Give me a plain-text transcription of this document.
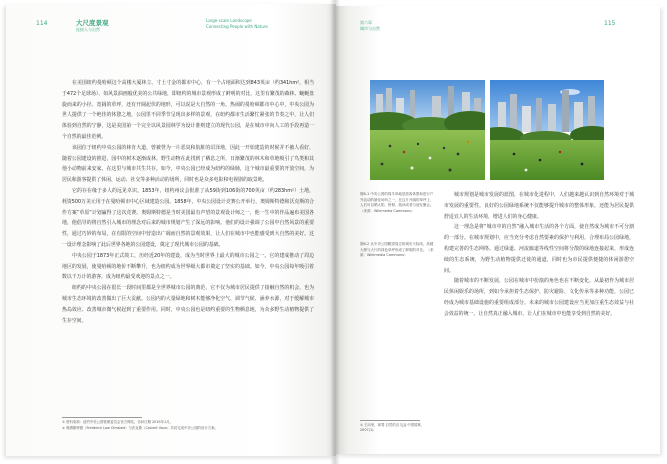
114	大尺度景观
连接人与自然
Large-scale Landscape
Connecting People with Nature

在美国纽约曼哈顿这个高楼大厦林立、寸土寸金的都市中心，有一个占地面积达到843英亩（约341hm²，相当于472个足球场）、如风景油画般优美的公共绿地，即纽约的城市景观形成了鲜明的对比，这里有繁茂的森林、蜿蜒盘旋而来的小径、宽阔的草坪，还有开阔起伏的地形，可以说是大自然的一角。热闹的曼哈顿都市中心中，中央公园为世人提供了一个绝佳的休憩之地，公园里不同季节呈现出多样的景观，在纽约都市生活繁忙紧张的节奏之中，让人们体验到自然的宁静，这是美国第一个完全以风景园林学为设计准则建立的现代公园，是在城市中向人工的手段再造一个自然的最佳范例。

该园位于纽约中央公园的林肯大道，曾被誉为一片恶臭和肮脏的沼泽地，因此一开始建造的时候并不被人看好，随着公园建设的推进，园中的树木逐渐成林。野生动物在此找到了栖息之所，日渐繁茂的林木和草地吸引了鸟类和其他小动物前来安家，在这里与城市共生共存。如今，中央公园已经成为纽约的绿肺，这个城市最重要的开放空间，为居民和游客提供了休闲、运动、社交等多种活动的场所，同时也是众多电影和电视剧的取景地。

它的存在缘于多人的远见卓识。1853年，纽约州议会批准了从59街到106街的700英亩（约283hm²）土地，耗资500万美元用于在曼哈顿市中心区域建造公园。1858年，中央公园设计竞赛公开举行，奥姆斯特德和沃克斯的合作方案“草原”计划赢得了这次竞赛。奥姆斯特德是当时美国最有声望的景观设计师之一，他一生中的作品遍布美国各地，他倡导的将自然引入城市的理念对后来的城市规划产生了深远的影响。他们的设计强调了公园中自然风景的重要性，通过巧妙的布局，在有限的空间中营造出广阔而自然的景观效果，让人们在城市中也能感受到大自然的美好。这一设计理念影响了此后世界各地的公园建设，奠定了现代城市公园的基础。

中央公园于1873年正式竣工，历经近20年的建设，成为当时世界上最大的城市公园之一。它的建成推动了周边地区的发展，使曼哈顿的地价不断攀升，也为纽约成为世界级大都市奠定了坚实的基础。如今，中央公园每年吸引着数以千万计的游客，成为纽约最受欢迎的景点之一。

纽约的中央公园在很长一段时间里都是全世界城市公园的典范，它不仅为城市居民提供了接触自然的机会，也为城市生态环境的改善做出了巨大贡献。公园内的大量绿地和树木能够净化空气、调节气候、涵养水源，对于缓解城市热岛效应、改善城市微气候起到了重要作用。同时，中央公园也是纽约重要的生物栖息地，为众多野生动植物提供了生存空间。

① 资料来源：纽约中央公园管理委员会官方网站，访问日期 2019年1月。
② 奥姆斯特德（Frederick Law Olmsted）与沃克斯（Calvert Vaux）共同完成中央公园的设计方案。
第六章
城市与自然
115
图6-1 中央公园的绵羊草地是游客休憩和进行户外活动的最佳场所之一，在这片开阔的草坪上，人们可以晒太阳、野餐、阅读或者与朋友聚会。（来源：Wikimedia Commons）
图6-2 从中央公园眺望周边的城市天际线，高楼大厦与大片的绿色草坪形成了鲜明的对比。（来源：Wikimedia Commons）

城市规划是城市发展的蓝图，在城市化进程中，人们越来越认识到自然环境对于城市发展的重要性。良好的公园绿地系统不仅能够提升城市的整体形象，还能为居民提供舒适宜人的生活环境，增进人们的身心健康。

这一理念是将“城市中的自然”融入城市生活的各个方面，使自然成为城市不可分割的一部分。在城市规划中，应当充分考虑自然要素的保护与利用，合理布局公园绿地，构建完善的生态网络。通过绿道、河流廊道等线性空间将分散的绿地连接起来，形成连续的生态系统，为野生动植物提供迁徙的通道，同时也为市民提供便捷的休闲游憩空间。

随着城市的不断发展，公园在城市中扮演的角色也在不断变化。从最初作为城市居民休闲娱乐的场所，到如今承担着生态保护、防灾避险、文化传承等多种功能，公园已经成为城市基础设施的重要组成部分。未来的城市公园建设应当更加注重生态效益与社会效益的统一，让自然真正融入城市，让人们在城市中也能享受到自然的美好。

① 王向荣，林箐.自然的含义[J].中国园林，2007(1).
